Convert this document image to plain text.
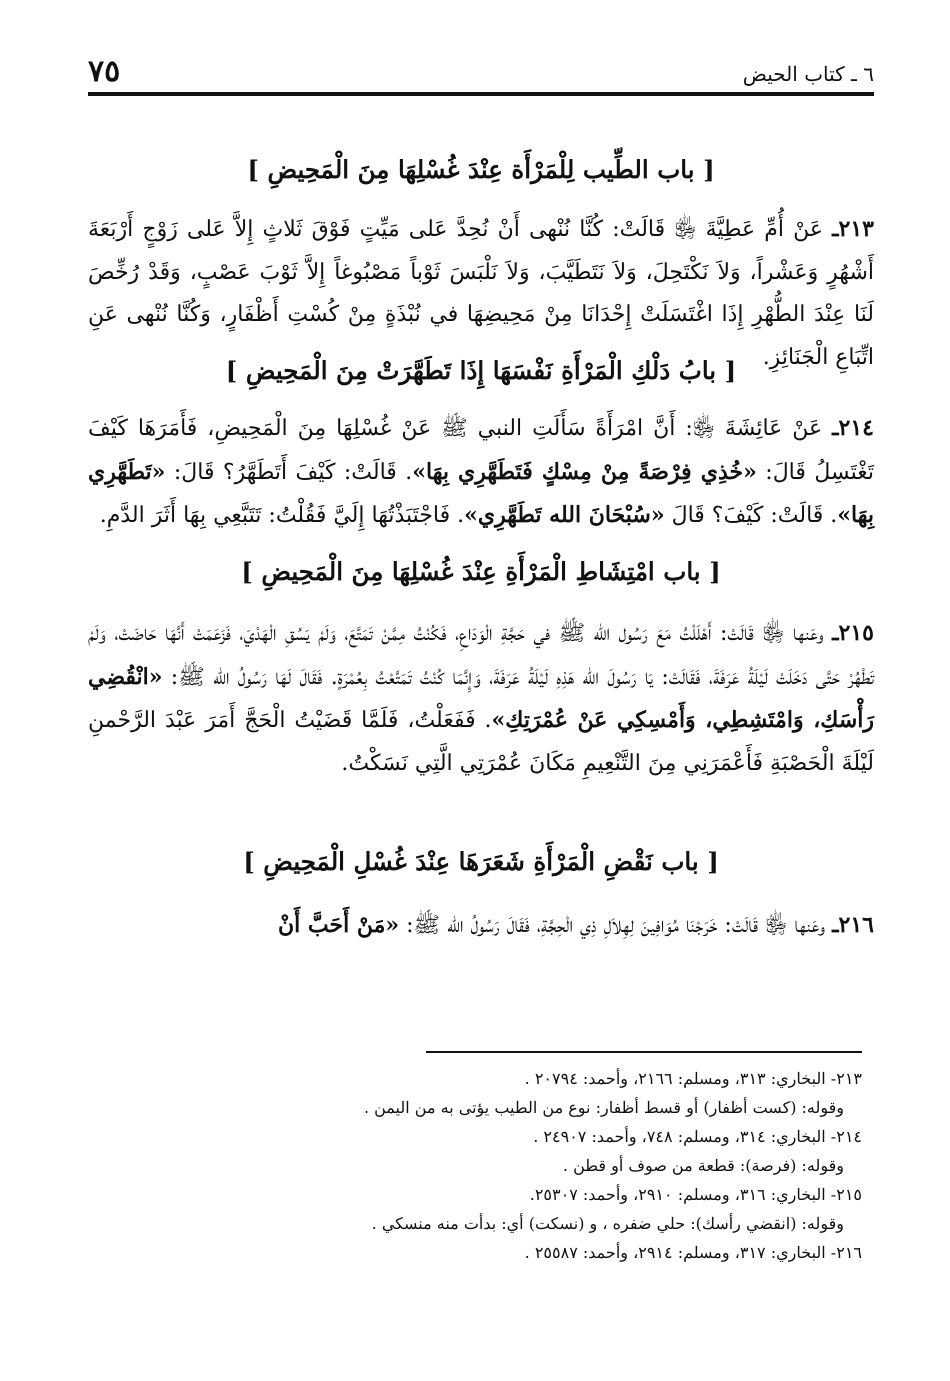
٧٥	٦ ـ كتاب الحيض
[ باب الطِّيب لِلْمَرْأَة عِنْدَ غُسْلِهَا مِنَ الْمَحِيضِ ]

٢١٣ـ عَنْ أُمِّ عَطِيَّةَ ﵂ قَالَتْ: كُنَّا نُنْهى أَنْ نُحِدَّ عَلى مَيِّتٍ فَوْقَ ثَلاثٍ إِلاَّ عَلى زَوْجٍ أَرْبَعَةَ أَشْهُرٍ وَعَشْراً، وَلاَ نَكْتَحِلَ، وَلاَ نَتَطَيَّبَ، وَلاَ نَلْبَسَ ثَوْباً مَصْبُوغاً إِلاَّ ثَوْبَ عَصْبٍ، وَقَدْ رُخِّصَ لَنَا عِنْدَ الطُّهْرِ إِذَا اغْتَسَلَتْ إِحْدَانَا مِنْ مَحِيضِهَا في نُبْذَةٍ مِنْ كُسْتِ أَظْفَارٍ، وَكُنَّا نُنْهى عَنِ اتِّبَاعِ الْجَنَائِزِ.

[ بابُ دَلْكِ الْمَرْأَةِ نَفْسَهَا إِذَا تَطَهَّرَتْ مِنَ الْمَحِيضِ ]

٢١٤ـ عَنْ عَائِشَةَ ﵂: أَنَّ امْرَأَةً سَأَلَتِ النبي ﷺ عَنْ غُسْلِهَا مِنَ الْمَحِيضِ، فَأَمَرَهَا كَيْفَ تَغْتَسِلُ قَالَ: «خُذِي فِرْصَةً مِنْ مِسْكٍ فَتَطَهَّرِي بِهَا». قَالَتْ: كَيْفَ أَتَطَهَّرُ؟ قَالَ: «تَطَهَّرِي بِهَا». قَالَتْ: كَيْفَ؟ قَالَ «سُبْحَانَ الله تَطَهَّرِي». فَاجْتَبَذْتُهَا إِلَيَّ فَقُلْتُ: تَتَبَّعِي بِهَا أَثَرَ الدَّمِ.

[ باب امْتِشَاطِ الْمَرْأَةِ عِنْدَ غُسْلِهَا مِنَ الْمَحِيضِ ]

٢١٥ـ وعَنها ﵂ قَالَتْ: أَهْلَلْتُ مَعَ رَسُول الله ﷺ في حَجَّةِ الْوَدَاعِ، فَكُنْتُ مِمَّنْ تَمَتَّعَ، وَلَمْ يَسُقِ الْهَدْيَ، فَزَعَمَتْ أَنَّهَا حَاضَتْ، وَلَمْ تَطْهُرْ حَتَّى دَخَلَتْ لَيْلَةُ عَرَفَةَ، فَقَالَتْ: يَا رَسُولَ الله هَذِهِ لَيْلَةُ عَرَفَةَ، وَإِنَّمَا كُنْتُ تَمَتَّعْتُ بِعُمْرَةٍ. فَقَالَ لَهَا رَسُولُ الله ﷺ: «انْقُضِي رَأْسَكِ، وَامْتَشِطِي، وَأَمْسِكِي عَنْ عُمْرَتِكِ». فَفَعَلْتُ، فَلَمَّا قَضَيْتُ الْحَجَّ أَمَرَ عَبْدَ الرَّحْمنِ لَيْلَةَ الْحَصْبَةِ فَأَعْمَرَنِي مِنَ التَّنْعِيمِ مَكَانَ عُمْرَتِي الَّتِي نَسَكْتُ.

[ باب نَقْضِ الْمَرْأَةِ شَعَرَهَا عِنْدَ غُسْلِ الْمَحِيضِ ]

٢١٦ـ وعَنها ﵂ قَالَتْ: خَرَجْنَا مُوَافِينَ لِهِلاَلِ ذِي الْحِجَّةِ، فَقَالَ رَسُولُ الله ﷺ: «مَنْ أَحَبَّ أَنْ

٢١٣- البخاري: ٣١٣، ومسلم: ٢١٦٦، وأحمد: ٢٠٧٩٤ .
وقوله: (كست أظفار) أو قسط أظفار: نوع من الطيب يؤتى به من اليمن .
٢١٤- البخاري: ٣١٤، ومسلم: ٧٤٨، وأحمد: ٢٤٩٠٧ .
وقوله: (فرصة): قطعة من صوف أو قطن .
٢١٥- البخاري: ٣١٦، ومسلم: ٢٩١٠، وأحمد: ٢٥٣٠٧.
وقوله: (انقضي رأسك): حلي ضفره ، و (نسكت) أي: بدأت منه منسكي .
٢١٦- البخاري: ٣١٧، ومسلم: ٢٩١٤، وأحمد: ٢٥٥٨٧ .
